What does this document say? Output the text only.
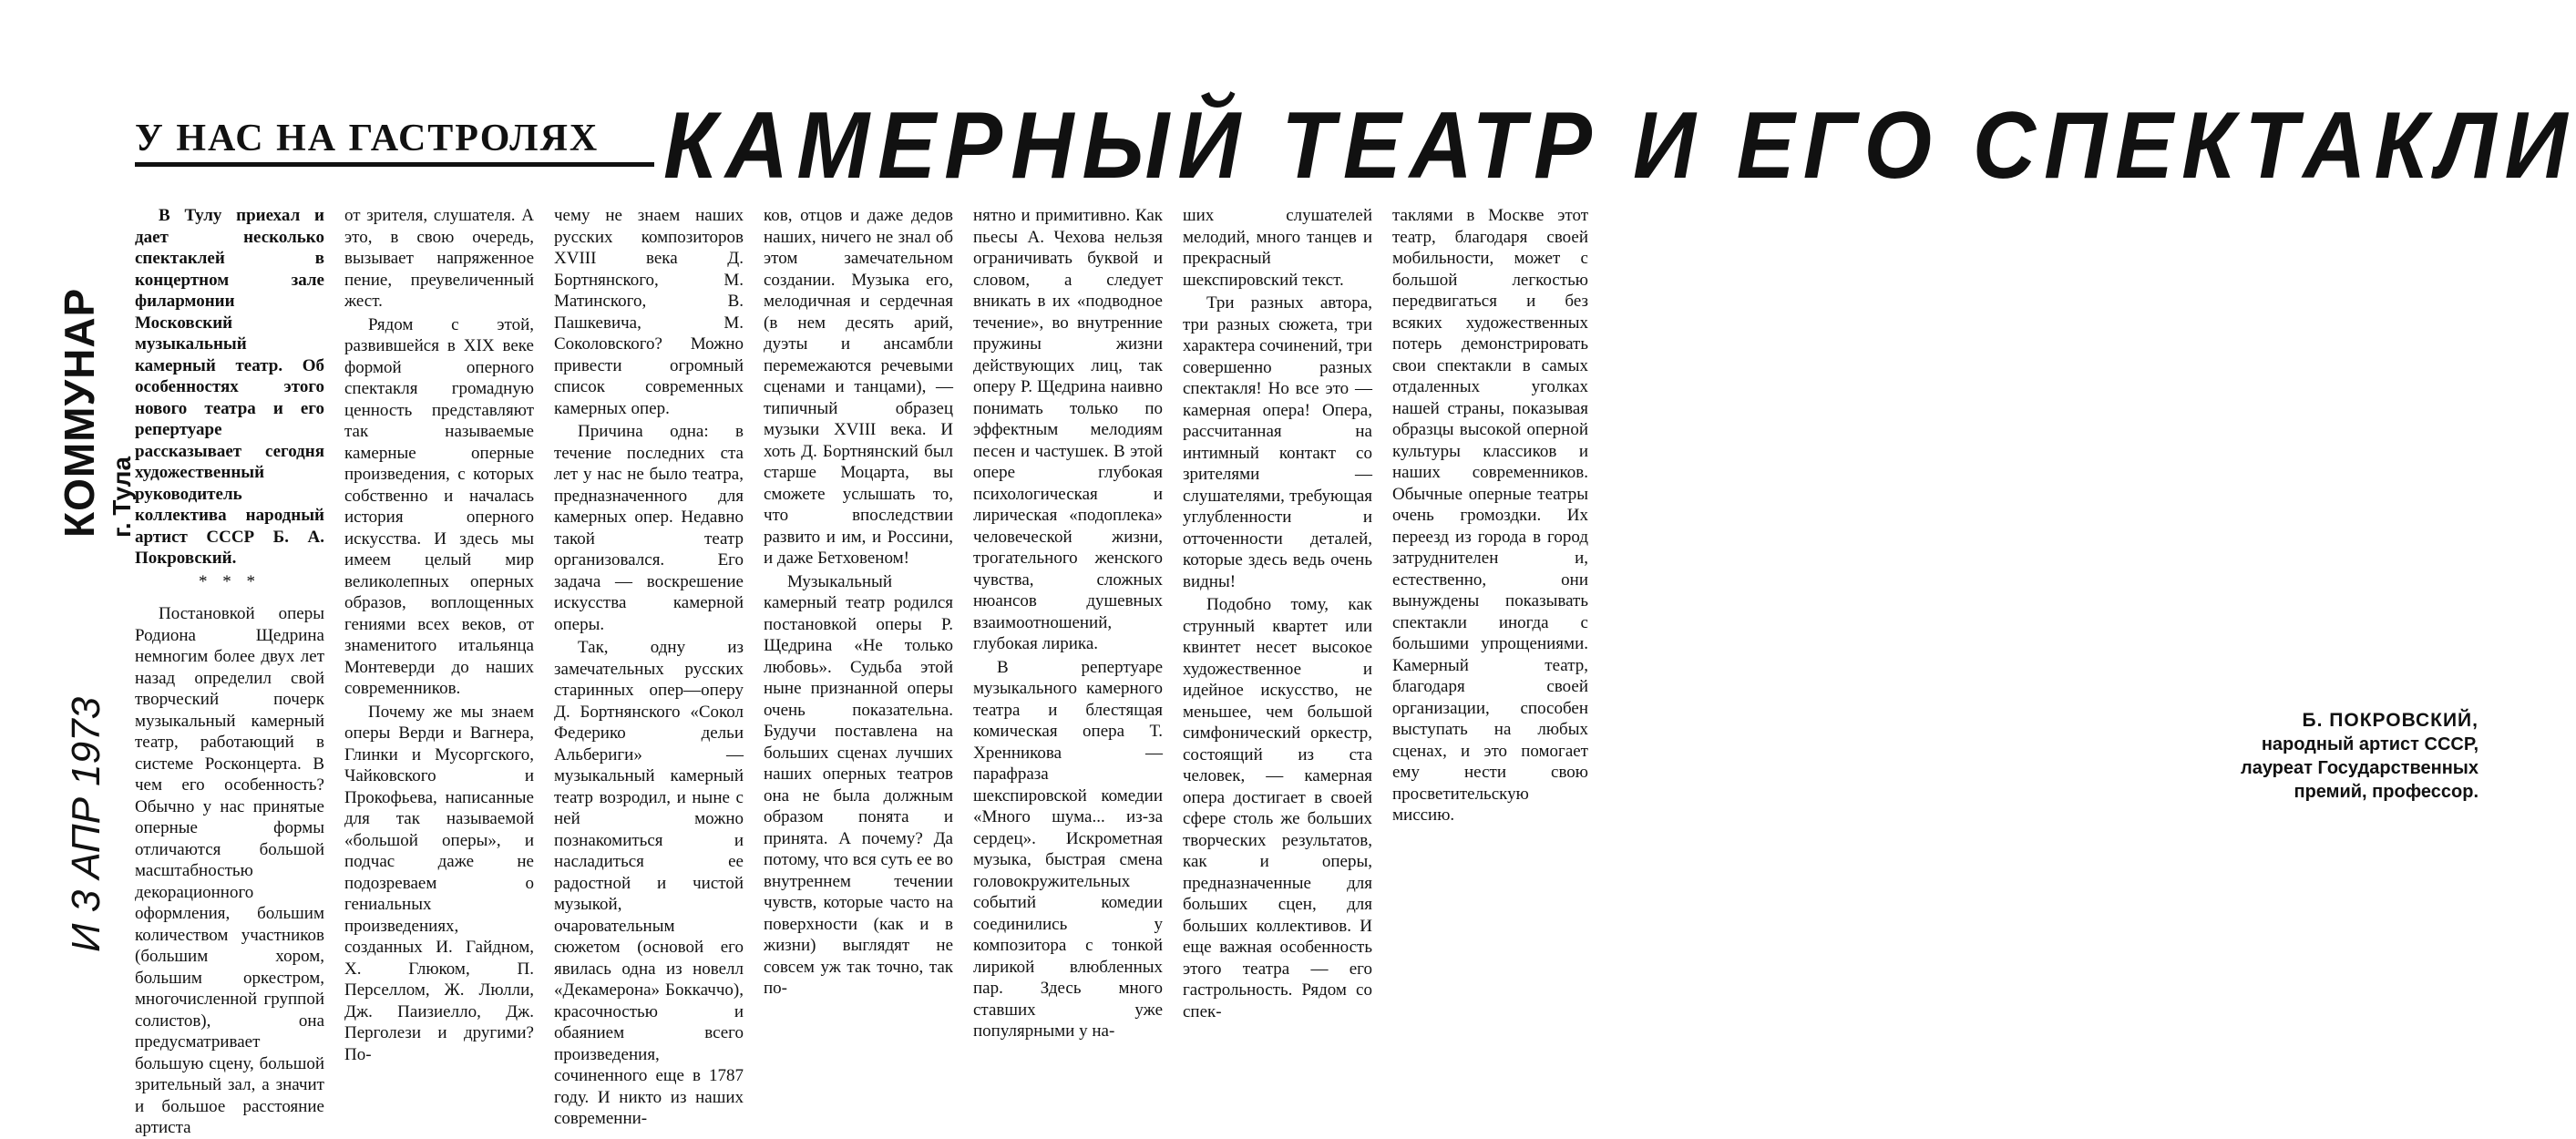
КОММУНАР г. Тула
И 3 АПР 1973
У НАС НА ГАСТРОЛЯХ КАМЕРНЫЙ ТЕАТР И ЕГО СПЕКТАКЛИ

В Тулу приехал и дает несколько спектаклей в концертном зале филармонии Московский музыкальный камерный театр. Об особенностях этого нового театра и его репертуаре рассказывает сегодня художественный руководитель коллектива народный артист СССР Б. А. Покровский.

* * *

Постановкой оперы Родиона Щедрина немногим более двух лет назад определил свой творческий почерк музыкальный камерный театр, работающий в системе Росконцерта. В чем его особенность? Обычно у нас принятые оперные формы отличаются большой масштабностью декорационного оформления, большим количеством участников (большим хором, большим оркестром, многочисленной группой солистов), она предусматривает большую сцену, большой зрительный зал, а значит и большое расстояние артиста

от зрителя, слушателя. А это, в свою очередь, вызывает напряженное пение, преувеличенный жест.

Рядом с этой, развившейся в XIX веке формой оперного спектакля громадную ценность представляют так называемые камерные оперные произведения, с которых собственно и началась история оперного искусства. И здесь мы имеем целый мир великолепных оперных образов, воплощенных гениями всех веков, от знаменитого итальянца Монтеверди до наших современников.

Почему же мы знаем оперы Верди и Вагнера, Глинки и Мусоргского, Чайковского и Прокофьева, написанные для так называемой «большой оперы», и подчас даже не подозреваем о гениальных произведениях, созданных И. Гайдном, Х. Глюком, П. Перселлом, Ж. Люлли, Дж. Паизиелло, Дж. Перголези и другими? По-

чему не знаем наших русских композиторов XVIII века Д. Бортнянского, М. Матинского, В. Пашкевича, М. Соколовского? Можно привести огромный список современных камерных опер.

Причина одна: в течение последних ста лет у нас не было театра, предназначенного для камерных опер. Недавно такой театр организовался. Его задача — воскрешение искусства камерной оперы.

Так, одну из замечательных русских старинных опер—оперу Д. Бортнянского «Сокол Федерико дельи Альбериги» — музыкальный камерный театр возродил, и ныне с ней можно познакомиться и насладиться ее радостной и чистой музыкой, очаровательным сюжетом (основой его явилась одна из новелл «Декамерона» Боккаччо), красочностью и обаянием всего произведения, сочиненного еще в 1787 году. И никто из наших современни-

ков, отцов и даже дедов наших, ничего не знал об этом замечательном создании. Музыка его, мелодичная и сердечная (в нем десять арий, дуэты и ансамбли перемежаются речевыми сценами и танцами), — типичный образец музыки XVIII века. И хоть Д. Бортнянский был старше Моцарта, вы сможете услышать то, что впоследствии развито и им, и Россини, и даже Бетховеном!

Музыкальный камерный театр родился постановкой оперы Р. Щедрина «Не только любовь». Судьба этой ныне признанной оперы очень показательна. Будучи поставлена на больших сценах лучших наших оперных театров она не была должным образом понята и принята. А почему? Да потому, что вся суть ее во внутреннем течении чувств, которые часто на поверхности (как и в жизни) выглядят не совсем уж так точно, так по-

нятно и примитивно. Как пьесы А. Чехова нельзя ограничивать буквой и словом, а следует вникать в их «подводное течение», во внутренние пружины жизни действующих лиц, так оперу Р. Щедрина наивно понимать только по эффектным мелодиям песен и частушек. В этой опере глубокая психологическая и лирическая «подоплека» человеческой жизни, трогательного женского чувства, сложных нюансов душевных взаимоотношений, глубокая лирика.

В репертуаре музыкального камерного театра и блестящая комическая опера Т. Хренникова — парафраза шекспировской комедии «Много шума... из-за сердец». Искрометная музыка, быстрая смена головокружительных событий комедии соединились у композитора с тонкой лирикой влюбленных пар. Здесь много ставших уже популярными у на-

ших слушателей мелодий, много танцев и прекрасный шекспировский текст.

Три разных автора, три разных сюжета, три характера сочинений, три совершенно разных спектакля! Но все это — камерная опера! Опера, рассчитанная на интимный контакт со зрителями — слушателями, требующая углубленности и отточенности деталей, которые здесь ведь очень видны!

Подобно тому, как струнный квартет или квинтет несет высокое художественное и идейное искусство, не меньшее, чем большой симфонический оркестр, состоящий из ста человек, — камерная опера достигает в своей сфере столь же больших творческих результатов, как и оперы, предназначенные для больших сцен, для больших коллективов. И еще важная особенность этого театра — его гастрольность. Рядом со спек-

таклями в Москве этот театр, благодаря своей мобильности, может с большой легкостью передвигаться и без всяких художественных потерь демонстрировать свои спектакли в самых отдаленных уголках нашей страны, показывая образцы высокой оперной культуры классиков и наших современников. Обычные оперные театры очень громоздки. Их переезд из города в город затруднителен и, естественно, они вынуждены показывать спектакли иногда с большими упрощениями. Камерный театр, благодаря своей организации, способен выступать на любых сценах, и это помогает ему нести свою просветительскую миссию.

Б. ПОКРОВСКИЙ,
народный артист СССР,
лауреат Государственных
премий, профессор.
